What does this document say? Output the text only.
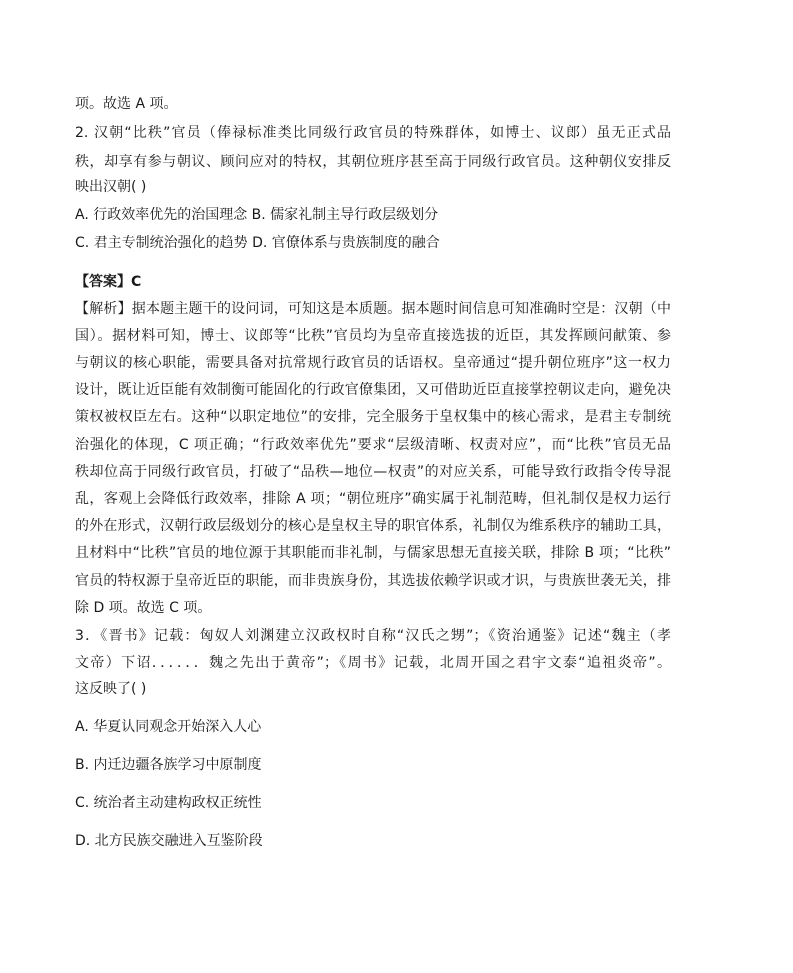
项。故选 A 项。
2. 汉朝“比秩”官员（俸禄标准类比同级行政官员的特殊群体，如博士、议郎）虽无正式品
秩，却享有参与朝议、顾问应对的特权，其朝位班序甚至高于同级行政官员。这种朝仪安排反
映出汉朝( )
A. 行政效率优先的治国理念 B. 儒家礼制主导行政层级划分
C. 君主专制统治强化的趋势 D. 官僚体系与贵族制度的融合
【答案】C
【解析】据本题主题干的设问词，可知这是本质题。据本题时间信息可知准确时空是：汉朝（中
国）。据材料可知，博士、议郎等“比秩”官员均为皇帝直接选拔的近臣，其发挥顾问献策、参
与朝议的核心职能，需要具备对抗常规行政官员的话语权。皇帝通过“提升朝位班序”这一权力
设计，既让近臣能有效制衡可能固化的行政官僚集团，又可借助近臣直接掌控朝议走向，避免决
策权被权臣左右。这种“以职定地位”的安排，完全服务于皇权集中的核心需求，是君主专制统
治强化的体现，C 项正确；“行政效率优先”要求“层级清晰、权责对应”，而“比秩”官员无品
秩却位高于同级行政官员，打破了“品秩—地位—权责”的对应关系，可能导致行政指令传导混
乱，客观上会降低行政效率，排除 A 项；“朝位班序”确实属于礼制范畴，但礼制仅是权力运行
的外在形式，汉朝行政层级划分的核心是皇权主导的职官体系，礼制仅为维系秩序的辅助工具，
且材料中“比秩”官员的地位源于其职能而非礼制，与儒家思想无直接关联，排除 B 项；“比秩”
官员的特权源于皇帝近臣的职能，而非贵族身份，其选拔依赖学识或才识，与贵族世袭无关，排
除 D 项。故选 C 项。
3．《晋书》记载：匈奴人刘渊建立汉政权时自称“汉氏之甥”；《资治通鉴》记述“魏主（孝
文帝）下诏．．．．．．魏之先出于黄帝”；《周书》记载，北周开国之君宇文泰“追祖炎帝”。
这反映了( )
A. 华夏认同观念开始深入人心
B. 内迁边疆各族学习中原制度
C. 统治者主动建构政权正统性
D. 北方民族交融进入互鉴阶段
